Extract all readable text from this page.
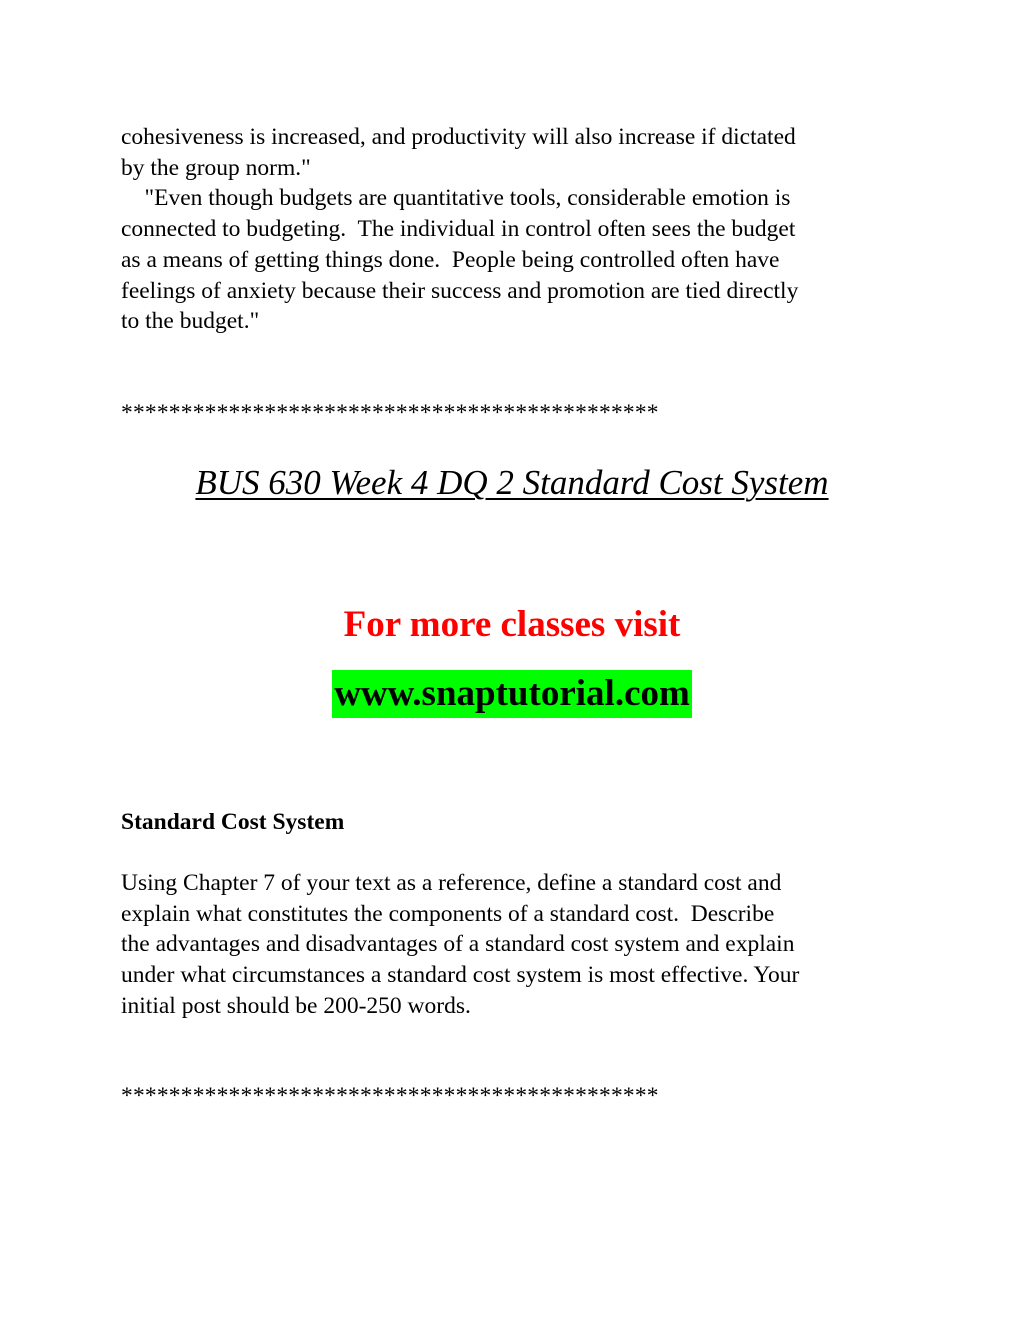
cohesiveness is increased, and productivity will also increase if dictated
by the group norm."
"Even though budgets are quantitative tools, considerable emotion is
connected to budgeting.  The individual in control often sees the budget
as a means of getting things done.  People being controlled often have
feelings of anxiety because their success and promotion are tied directly
to the budget."
*********************************************
BUS 630 Week 4 DQ 2 Standard Cost System
For more classes visit
www.snaptutorial.com
Standard Cost System
Using Chapter 7 of your text as a reference, define a standard cost and
explain what constitutes the components of a standard cost.  Describe
the advantages and disadvantages of a standard cost system and explain
under what circumstances a standard cost system is most effective. Your
initial post should be 200-250 words.
*********************************************
